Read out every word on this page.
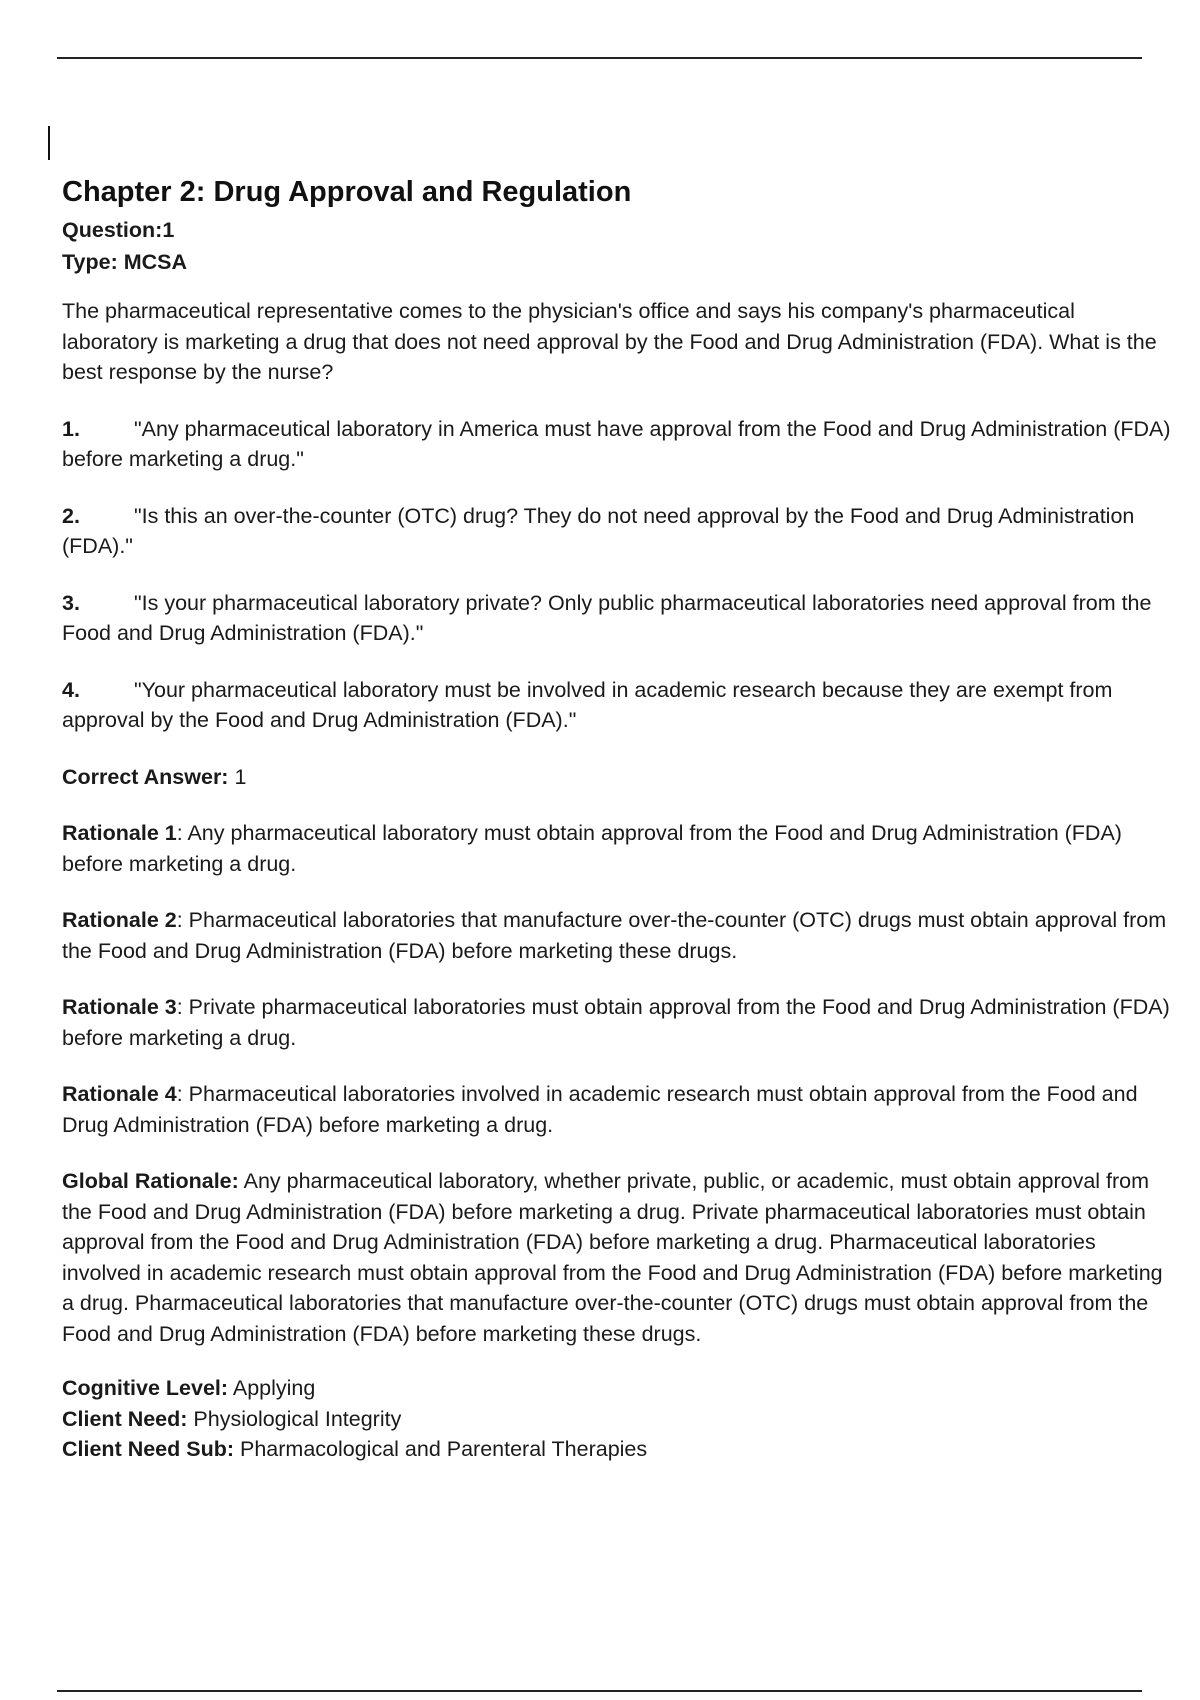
Chapter 2: Drug Approval and Regulation

Question:1

Type: MCSA

The pharmaceutical representative comes to the physician's office and says his company's pharmaceutical laboratory is marketing a drug that does not need approval by the Food and Drug Administration (FDA). What is the best response by the nurse?

1.	"Any pharmaceutical laboratory in America must have approval from the Food and Drug Administration (FDA) before marketing a drug."
2.	"Is this an over-the-counter (OTC) drug? They do not need approval by the Food and Drug Administration (FDA)."
3.	"Is your pharmaceutical laboratory private? Only public pharmaceutical laboratories need approval from the Food and Drug Administration (FDA)."
4.	"Your pharmaceutical laboratory must be involved in academic research because they are exempt from approval by the Food and Drug Administration (FDA)."

Correct Answer: 1

Rationale 1: Any pharmaceutical laboratory must obtain approval from the Food and Drug Administration (FDA) before marketing a drug.

Rationale 2: Pharmaceutical laboratories that manufacture over-the-counter (OTC) drugs must obtain approval from the Food and Drug Administration (FDA) before marketing these drugs.

Rationale 3: Private pharmaceutical laboratories must obtain approval from the Food and Drug Administration (FDA) before marketing a drug.

Rationale 4: Pharmaceutical laboratories involved in academic research must obtain approval from the Food and Drug Administration (FDA) before marketing a drug.

Global Rationale: Any pharmaceutical laboratory, whether private, public, or academic, must obtain approval from the Food and Drug Administration (FDA) before marketing a drug. Private pharmaceutical laboratories must obtain approval from the Food and Drug Administration (FDA) before marketing a drug. Pharmaceutical laboratories involved in academic research must obtain approval from the Food and Drug Administration (FDA) before marketing a drug. Pharmaceutical laboratories that manufacture over-the-counter (OTC) drugs must obtain approval from the Food and Drug Administration (FDA) before marketing these drugs.

Cognitive Level: Applying

Client Need: Physiological Integrity

Client Need Sub: Pharmacological and Parenteral Therapies
